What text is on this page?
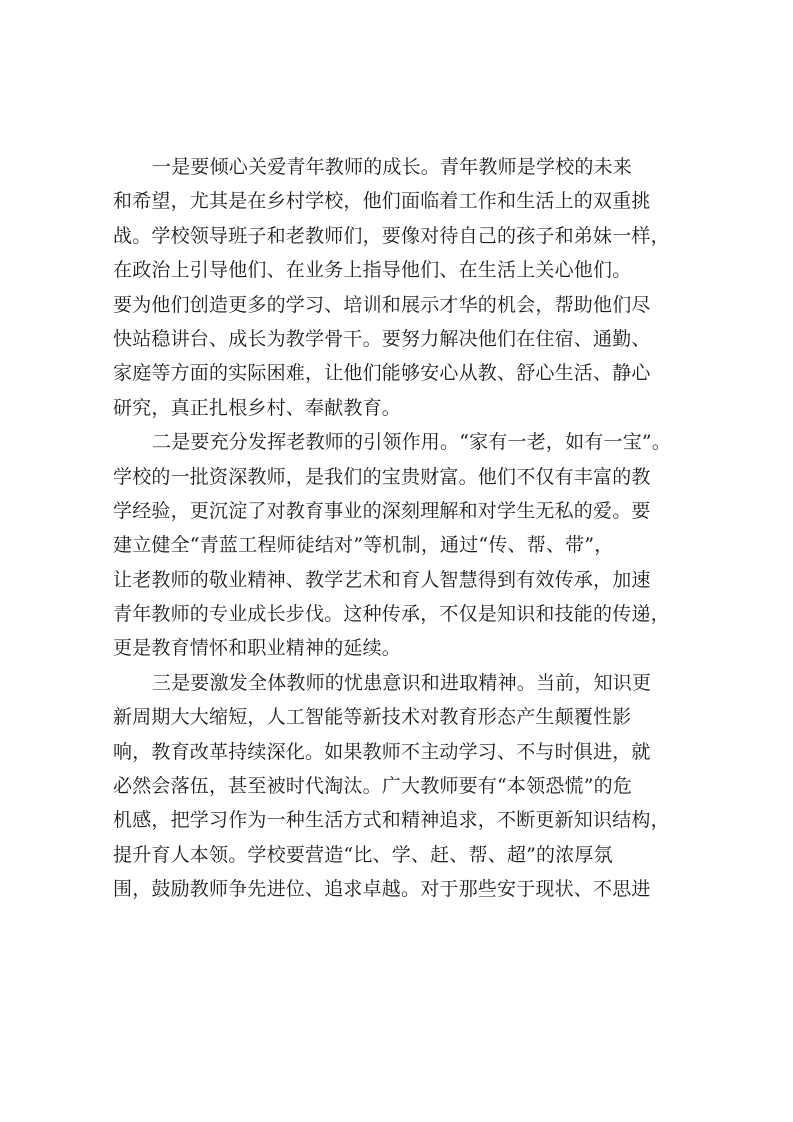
一是要倾心关爱青年教师的成长。青年教师是学校的未来
和希望，尤其是在乡村学校，他们面临着工作和生活上的双重挑
战。学校领导班子和老教师们，要像对待自己的孩子和弟妹一样，
在政治上引导他们、在业务上指导他们、在生活上关心他们。
要为他们创造更多的学习、培训和展示才华的机会，帮助他们尽
快站稳讲台、成长为教学骨干。要努力解决他们在住宿、通勤、
家庭等方面的实际困难，让他们能够安心从教、舒心生活、静心
研究，真正扎根乡村、奉献教育。
二是要充分发挥老教师的引领作用。“家有一老，如有一宝”。
学校的一批资深教师，是我们的宝贵财富。他们不仅有丰富的教
学经验，更沉淀了对教育事业的深刻理解和对学生无私的爱。要
建立健全“青蓝工程师徒结对”等机制，通过“传、帮、带”，
让老教师的敬业精神、教学艺术和育人智慧得到有效传承，加速
青年教师的专业成长步伐。这种传承，不仅是知识和技能的传递，
更是教育情怀和职业精神的延续。
三是要激发全体教师的忧患意识和进取精神。当前，知识更
新周期大大缩短，人工智能等新技术对教育形态产生颠覆性影
响，教育改革持续深化。如果教师不主动学习、不与时俱进，就
必然会落伍，甚至被时代淘汰。广大教师要有“本领恐慌”的危
机感，把学习作为一种生活方式和精神追求，不断更新知识结构，
提升育人本领。学校要营造“比、学、赶、帮、超”的浓厚氛
围，鼓励教师争先进位、追求卓越。对于那些安于现状、不思进
